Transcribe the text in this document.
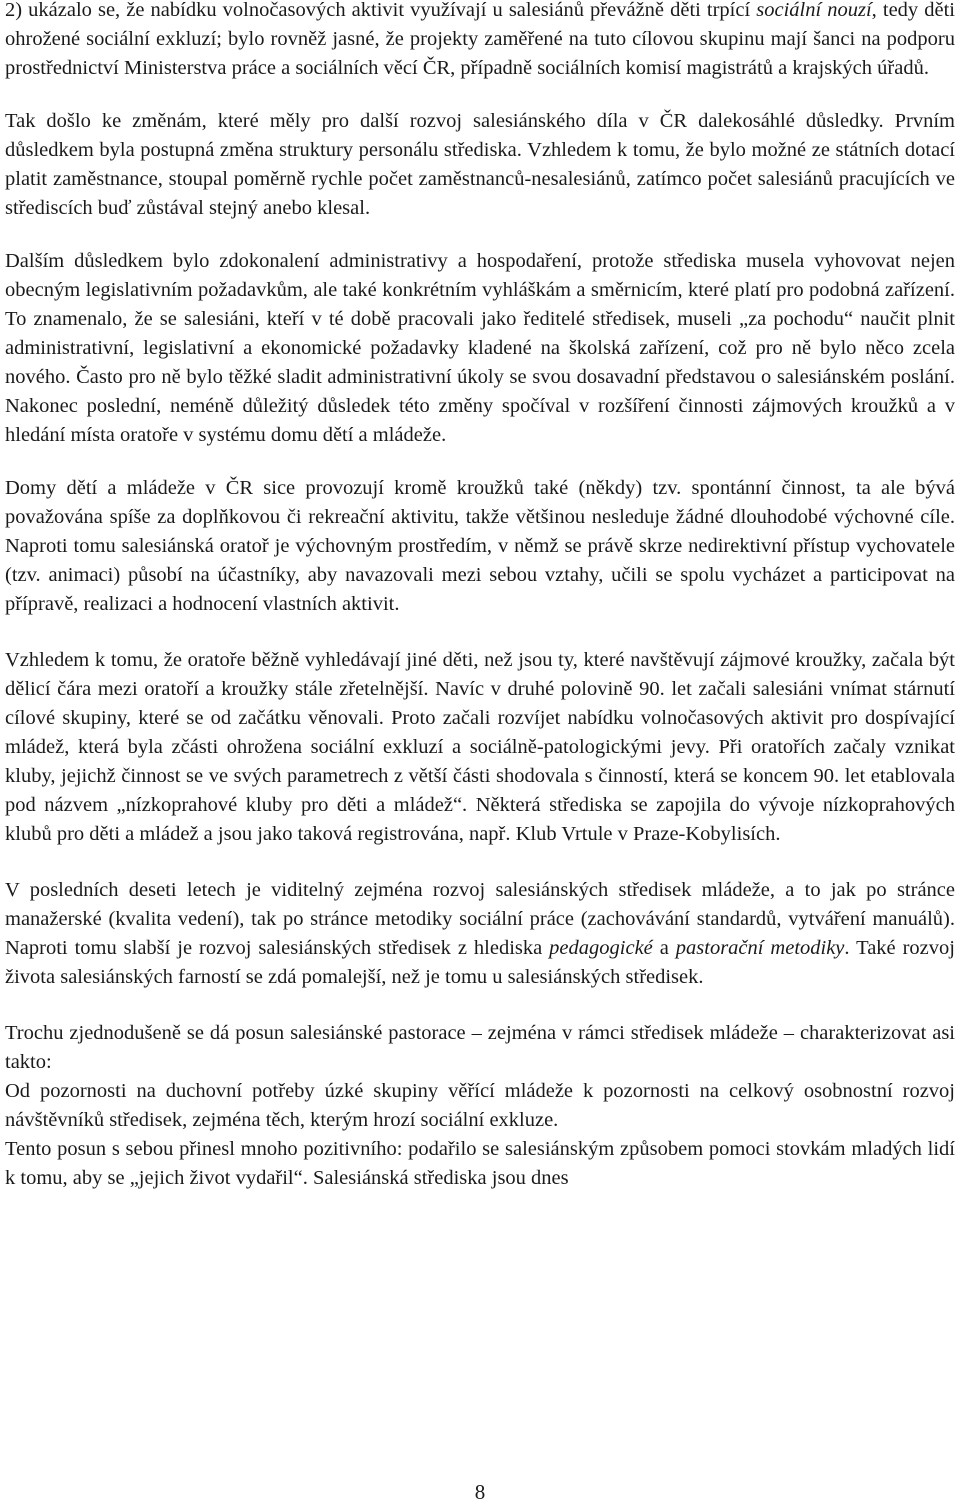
2) ukázalo se, že nabídku volnočasových aktivit využívají u salesiánů převážně děti trpící sociální nouzí, tedy děti ohrožené sociální exkluzí; bylo rovněž jasné, že projekty zaměřené na tuto cílovou skupinu mají šanci na podporu prostřednictví Ministerstva práce a sociálních věcí ČR, případně sociálních komisí magistrátů a krajských úřadů.

Tak došlo ke změnám, které měly pro další rozvoj salesiánského díla v ČR dalekosáhlé důsledky. Prvním důsledkem byla postupná změna struktury personálu střediska. Vzhledem k tomu, že bylo možné ze státních dotací platit zaměstnance, stoupal poměrně rychle počet zaměstnanců-nesalesiánů, zatímco počet salesiánů pracujících ve střediscích buď zůstával stejný anebo klesal.

Dalším důsledkem bylo zdokonalení administrativy a hospodaření, protože střediska musela vyhovovat nejen obecným legislativním požadavkům, ale také konkrétním vyhláškám a směrnicím, které platí pro podobná zařízení. To znamenalo, že se salesiáni, kteří v té době pracovali jako ředitelé středisek, museli „za pochodu“ naučit plnit administrativní, legislativní a ekonomické požadavky kladené na školská zařízení, což pro ně bylo něco zcela nového. Často pro ně bylo těžké sladit administrativní úkoly se svou dosavadní představou o salesiánském poslání. Nakonec poslední, neméně důležitý důsledek této změny spočíval v rozšíření činnosti zájmových kroužků a v hledání místa oratoře v systému domu dětí a mládeže.

Domy dětí a mládeže v ČR sice provozují kromě kroužků také (někdy) tzv. spontánní činnost, ta ale bývá považována spíše za doplňkovou či rekreační aktivitu, takže většinou nesleduje žádné dlouhodobé výchovné cíle. Naproti tomu salesiánská oratoř je výchovným prostředím, v němž se právě skrze nedirektivní přístup vychovatele (tzv. animaci) působí na účastníky, aby navazovali mezi sebou vztahy, učili se spolu vycházet a participovat na přípravě, realizaci a hodnocení vlastních aktivit.

Vzhledem k tomu, že oratoře běžně vyhledávají jiné děti, než jsou ty, které navštěvují zájmové kroužky, začala být dělicí čára mezi oratoří a kroužky stále zřetelnější. Navíc v druhé polovině 90. let začali salesiáni vnímat stárnutí cílové skupiny, které se od začátku věnovali. Proto začali rozvíjet nabídku volnočasových aktivit pro dospívající mládež, která byla zčásti ohrožena sociální exkluzí a sociálně-patologickými jevy. Při oratořích začaly vznikat kluby, jejichž činnost se ve svých parametrech z větší části shodovala s činností, která se koncem 90. let etablovala pod názvem „nízkoprahové kluby pro děti a mládež“. Některá střediska se zapojila do vývoje nízkoprahových klubů pro děti a mládež a jsou jako taková registrována, např. Klub Vrtule v Praze-Kobylisích.

V posledních deseti letech je viditelný zejména rozvoj salesiánských středisek mládeže, a to jak po stránce manažerské (kvalita vedení), tak po stránce metodiky sociální práce (zachovávání standardů, vytváření manuálů). Naproti tomu slabší je rozvoj salesiánských středisek z hlediska pedagogické a pastorační metodiky. Také rozvoj života salesiánských farností se zdá pomalejší, než je tomu u salesiánských středisek.

Trochu zjednodušeně se dá posun salesiánské pastorace – zejména v rámci středisek mládeže – charakterizovat asi takto:

Od pozornosti na duchovní potřeby úzké skupiny věřící mládeže k pozornosti na celkový osobnostní rozvoj návštěvníků středisek, zejména těch, kterým hrozí sociální exkluze.

Tento posun s sebou přinesl mnoho pozitivního: podařilo se salesiánským způsobem pomoci stovkám mladých lidí k tomu, aby se „jejich život vydařil“. Salesiánská střediska jsou dnes

8
